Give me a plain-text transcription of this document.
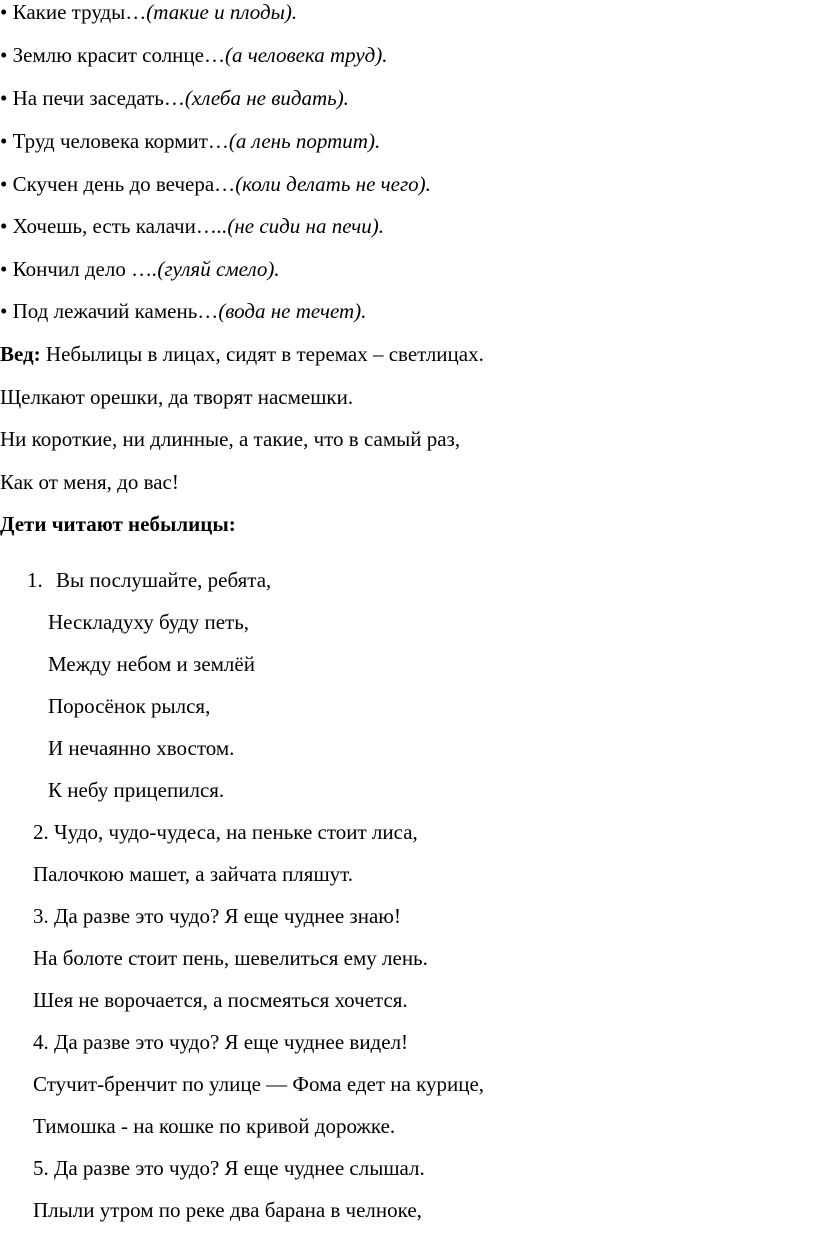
• Какие труды…(такие и плоды).
• Землю красит солнце…(а человека труд).
• На печи заседать…(хлеба не видать).
• Труд человека кормит…(а лень портит).
• Скучен день до вечера…(коли делать не чего).
• Хочешь, есть калачи…..(не сиди на печи).
• Кончил дело ….(гуляй смело).
• Под лежачий камень…(вода не течет).
Вед: Небылицы в лицах, сидят в теремах – светлицах.
Щелкают орешки, да творят насмешки.
Ни короткие, ни длинные, а такие, что в самый раз,
Как от меня, до вас!
Дети читают небылицы:
1. Вы послушайте, ребята,
Нескладуху буду петь,
Между небом и землёй
Поросёнок рылся,
И нечаянно хвостом.
К небу прицепился.
2. Чудо, чудо-чудеса, на пеньке стоит лиса,
Палочкою машет, а зайчата пляшут.
3. Да разве это чудо? Я еще чуднее знаю!
На болоте стоит пень, шевелиться ему лень.
Шея не ворочается, а посмеяться хочется.
4. Да разве это чудо? Я еще чуднее видел!
Стучит-бренчит по улице — Фома едет на курице,
Тимошка - на кошке по кривой дорожке.
5. Да разве это чудо? Я еще чуднее слышал.
Плыли утром по реке два барана в челноке,
